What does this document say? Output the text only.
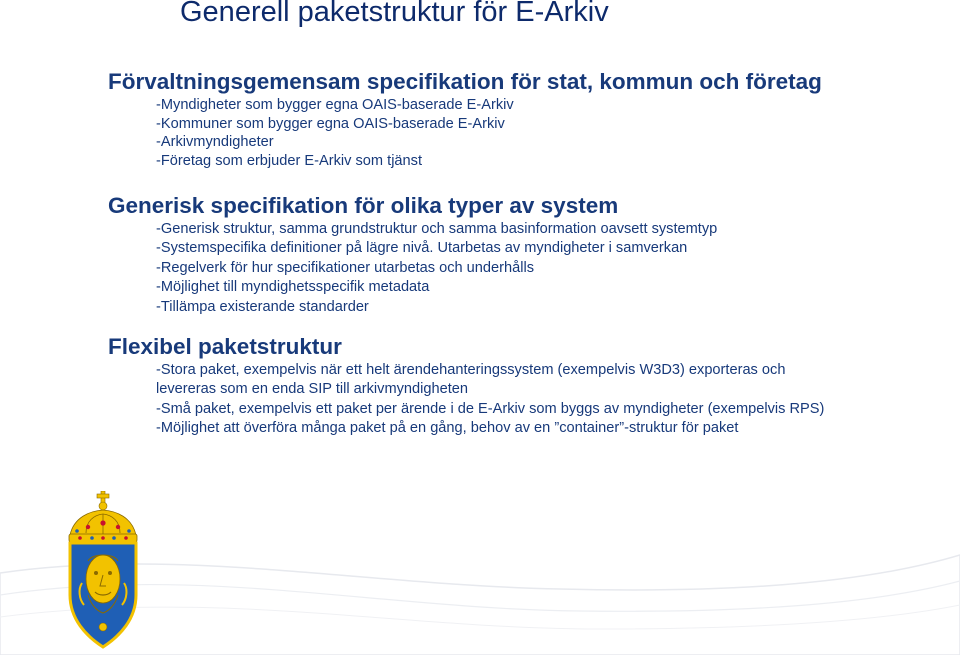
Generell paketstruktur för E-Arkiv
Förvaltningsgemensam specifikation för stat, kommun och företag
-Myndigheter som bygger egna OAIS-baserade E-Arkiv
-Kommuner som bygger egna OAIS-baserade E-Arkiv
-Arkivmyndigheter
-Företag som erbjuder E-Arkiv som tjänst
Generisk specifikation för olika typer av system
-Generisk struktur, samma grundstruktur och samma basinformation oavsett systemtyp
-Systemspecifika definitioner på lägre nivå. Utarbetas av myndigheter i samverkan
-Regelverk för hur specifikationer utarbetas och underhålls
-Möjlighet till myndighetsspecifik metadata
-Tillämpa existerande standarder
Flexibel paketstruktur
-Stora paket, exempelvis när ett helt ärendehanteringssystem (exempelvis W3D3) exporteras och
levereras som en enda SIP till arkivmyndigheten
-Små paket, exempelvis ett paket per ärende i de E-Arkiv som byggs av myndigheter (exempelvis RPS)
-Möjlighet att överföra många paket på en gång, behov av en ”container”-struktur för paket
